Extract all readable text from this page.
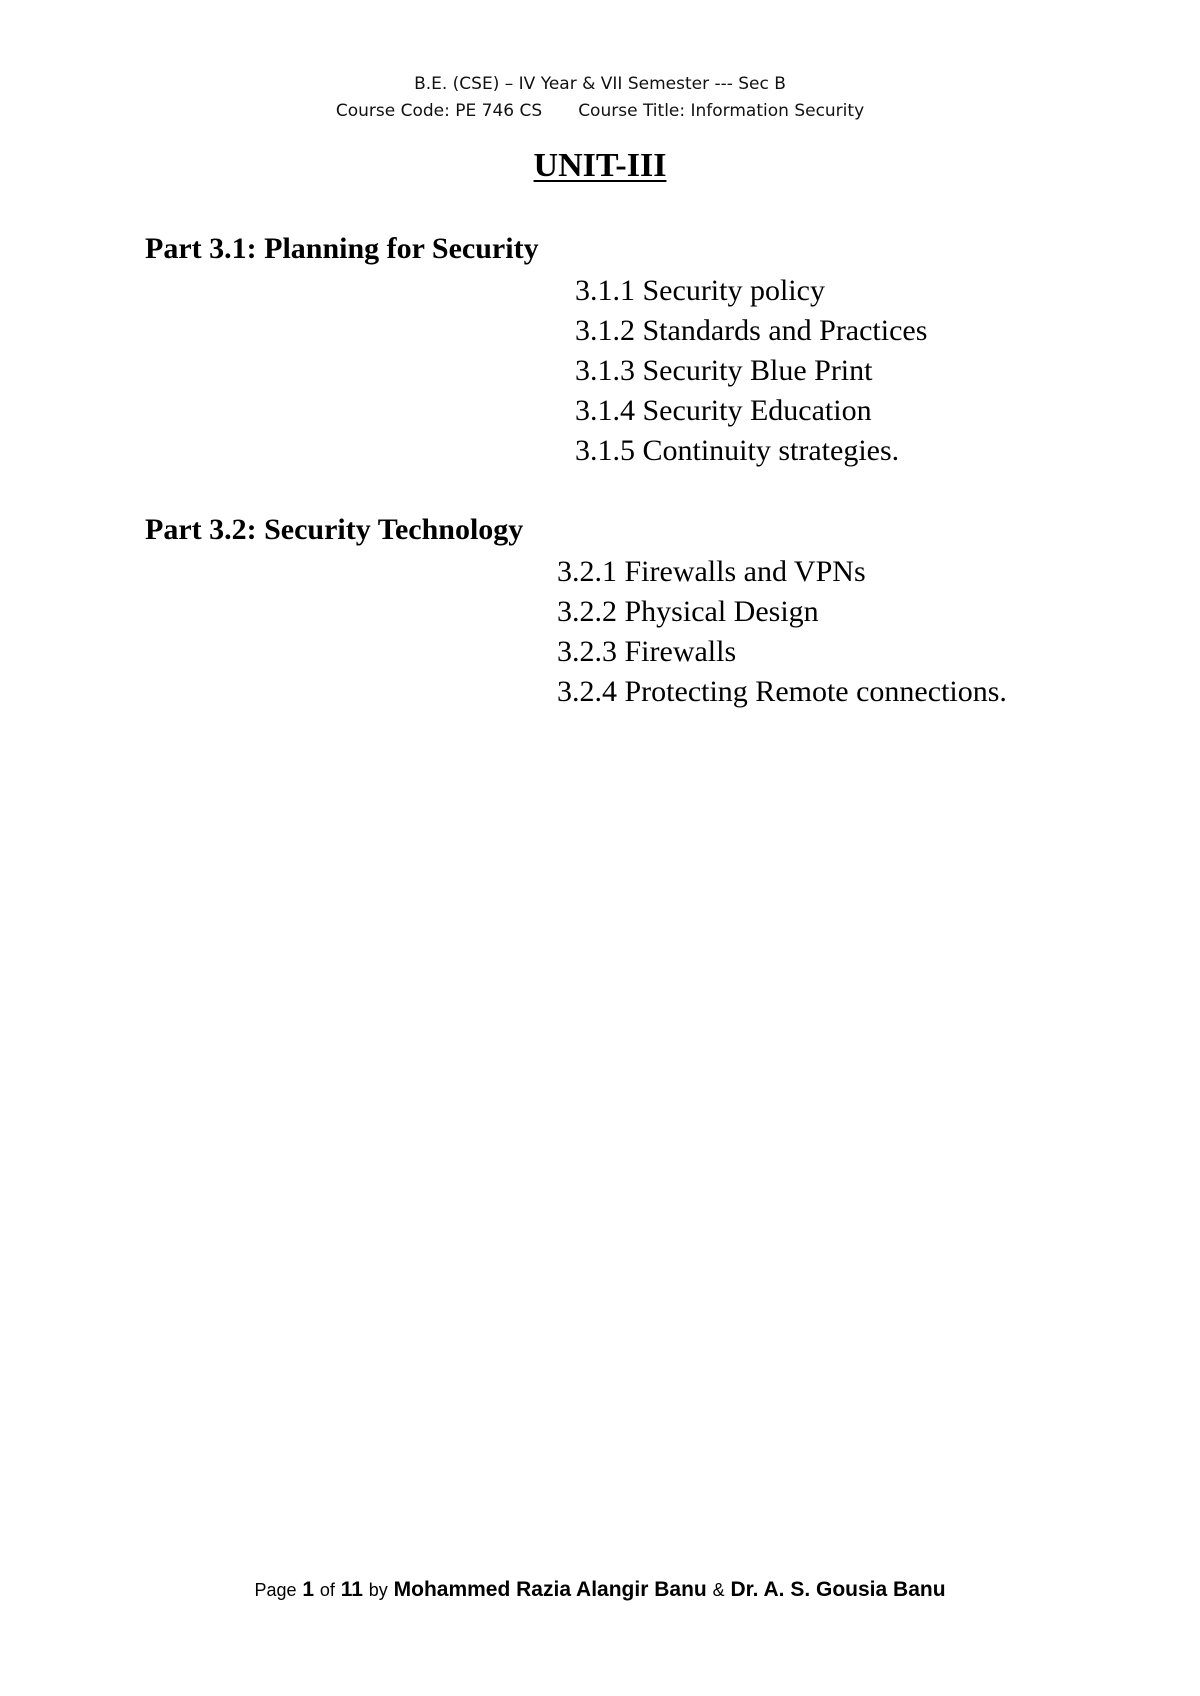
B.E. (CSE) – IV Year & VII Semester --- Sec B
Course Code: PE 746 CS Course Title: Information Security
UNIT-III
Part 3.1: Planning for Security
3.1.1 Security policy
3.1.2 Standards and Practices
3.1.3 Security Blue Print
3.1.4 Security Education
3.1.5 Continuity strategies.
Part 3.2: Security Technology
3.2.1 Firewalls and VPNs
3.2.2 Physical Design
3.2.3 Firewalls
3.2.4 Protecting Remote connections.
Page 1 of 11 by Mohammed Razia Alangir Banu & Dr. A. S. Gousia Banu
